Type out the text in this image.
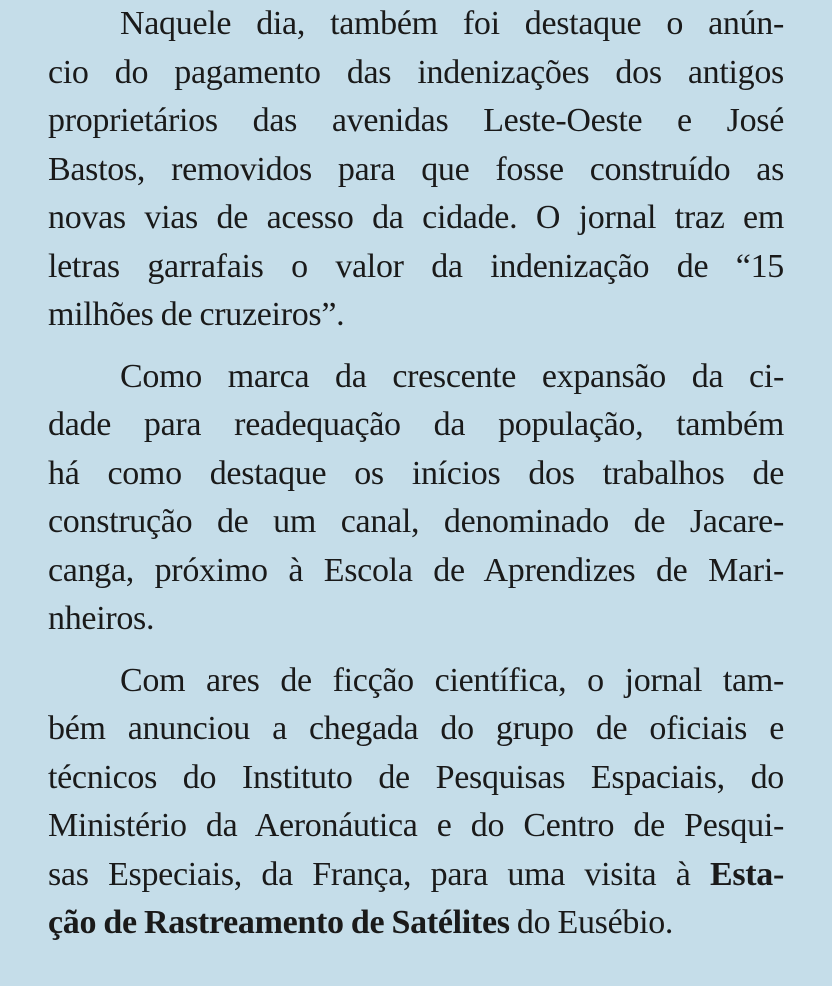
Naquele dia, também foi destaque o anún-
cio do pagamento das indenizações dos antigos
proprietários das avenidas Leste-Oeste e José
Bastos, removidos para que fosse construído as
novas vias de acesso da cidade. O jornal traz em
letras garrafais o valor da indenização de “15
milhões de cruzeiros”.
Como marca da crescente expansão da ci-
dade para readequação da população, também
há como destaque os inícios dos trabalhos de
construção de um canal, denominado de Jacare-
canga, próximo à Escola de Aprendizes de Mari-
nheiros.
Com ares de ficção científica, o jornal tam-
bém anunciou a chegada do grupo de oficiais e
técnicos do Instituto de Pesquisas Espaciais, do
Ministério da Aeronáutica e do Centro de Pesqui-
sas Especiais, da França, para uma visita à Esta-
ção de Rastreamento de Satélites do Eusébio.
